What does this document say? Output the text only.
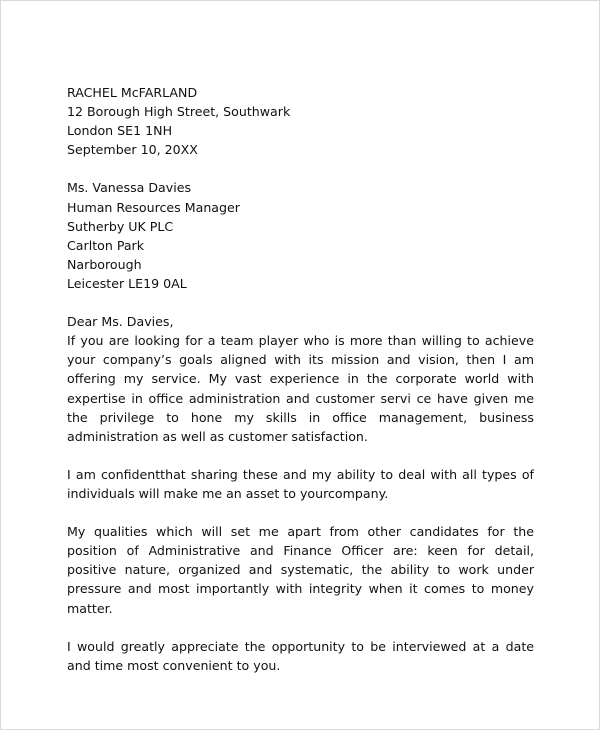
RACHEL McFARLAND
12 Borough High Street, Southwark
London SE1 1NH
September 10, 20XX
Ms. Vanessa Davies
Human Resources Manager
Sutherby UK PLC
Carlton Park
Narborough
Leicester LE19 0AL
Dear Ms. Davies,

If you are looking for a team player who is more than willing to achieve your company’s goals aligned with its mission and vision, then I am offering my service. My vast experience in the corporate world with expertise in office administration and customer servi ce have given me the privilege to hone my skills in office management, business administration as well as customer satisfaction.

I am confidentthat sharing these and my ability to deal with all types of individuals will make me an asset to yourcompany.

My qualities which will set me apart from other candidates for the position of Administrative and Finance Officer are: keen for detail, positive nature, organized and systematic, the ability to work under pressure and most importantly with integrity when it comes to money matter.

I would greatly appreciate the opportunity to be interviewed at a date and time most convenient to you.
